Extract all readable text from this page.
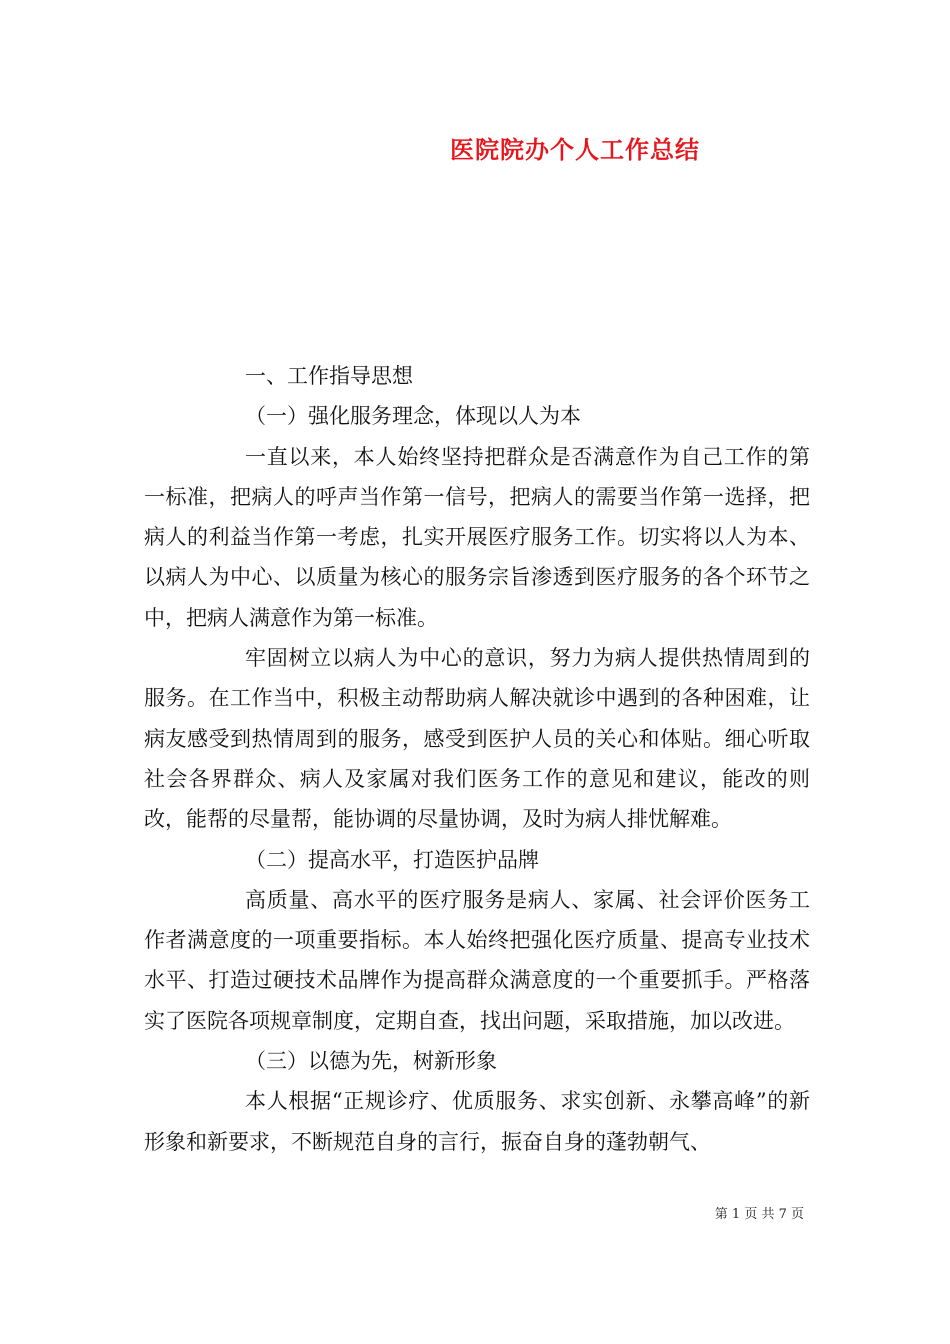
医院院办个人工作总结

一、工作指导思想

（一）强化服务理念，体现以人为本

一直以来，本人始终坚持把群众是否满意作为自己工作的第一标准，把病人的呼声当作第一信号，把病人的需要当作第一选择，把病人的利益当作第一考虑，扎实开展医疗服务工作。切实将以人为本、以病人为中心、以质量为核心的服务宗旨渗透到医疗服务的各个环节之中，把病人满意作为第一标准。

牢固树立以病人为中心的意识，努力为病人提供热情周到的服务。在工作当中，积极主动帮助病人解决就诊中遇到的各种困难，让病友感受到热情周到的服务，感受到医护人员的关心和体贴。细心听取社会各界群众、病人及家属对我们医务工作的意见和建议，能改的则改，能帮的尽量帮，能协调的尽量协调，及时为病人排忧解难。

（二）提高水平，打造医护品牌

高质量、高水平的医疗服务是病人、家属、社会评价医务工作者满意度的一项重要指标。本人始终把强化医疗质量、提高专业技术水平、打造过硬技术品牌作为提高群众满意度的一个重要抓手。严格落实了医院各项规章制度，定期自查，找出问题，采取措施，加以改进。

（三）以德为先，树新形象

本人根据“正规诊疗、优质服务、求实创新、永攀高峰”的新形象和新要求，不断规范自身的言行，振奋自身的蓬勃朝气、

第 1 页 共 7 页
